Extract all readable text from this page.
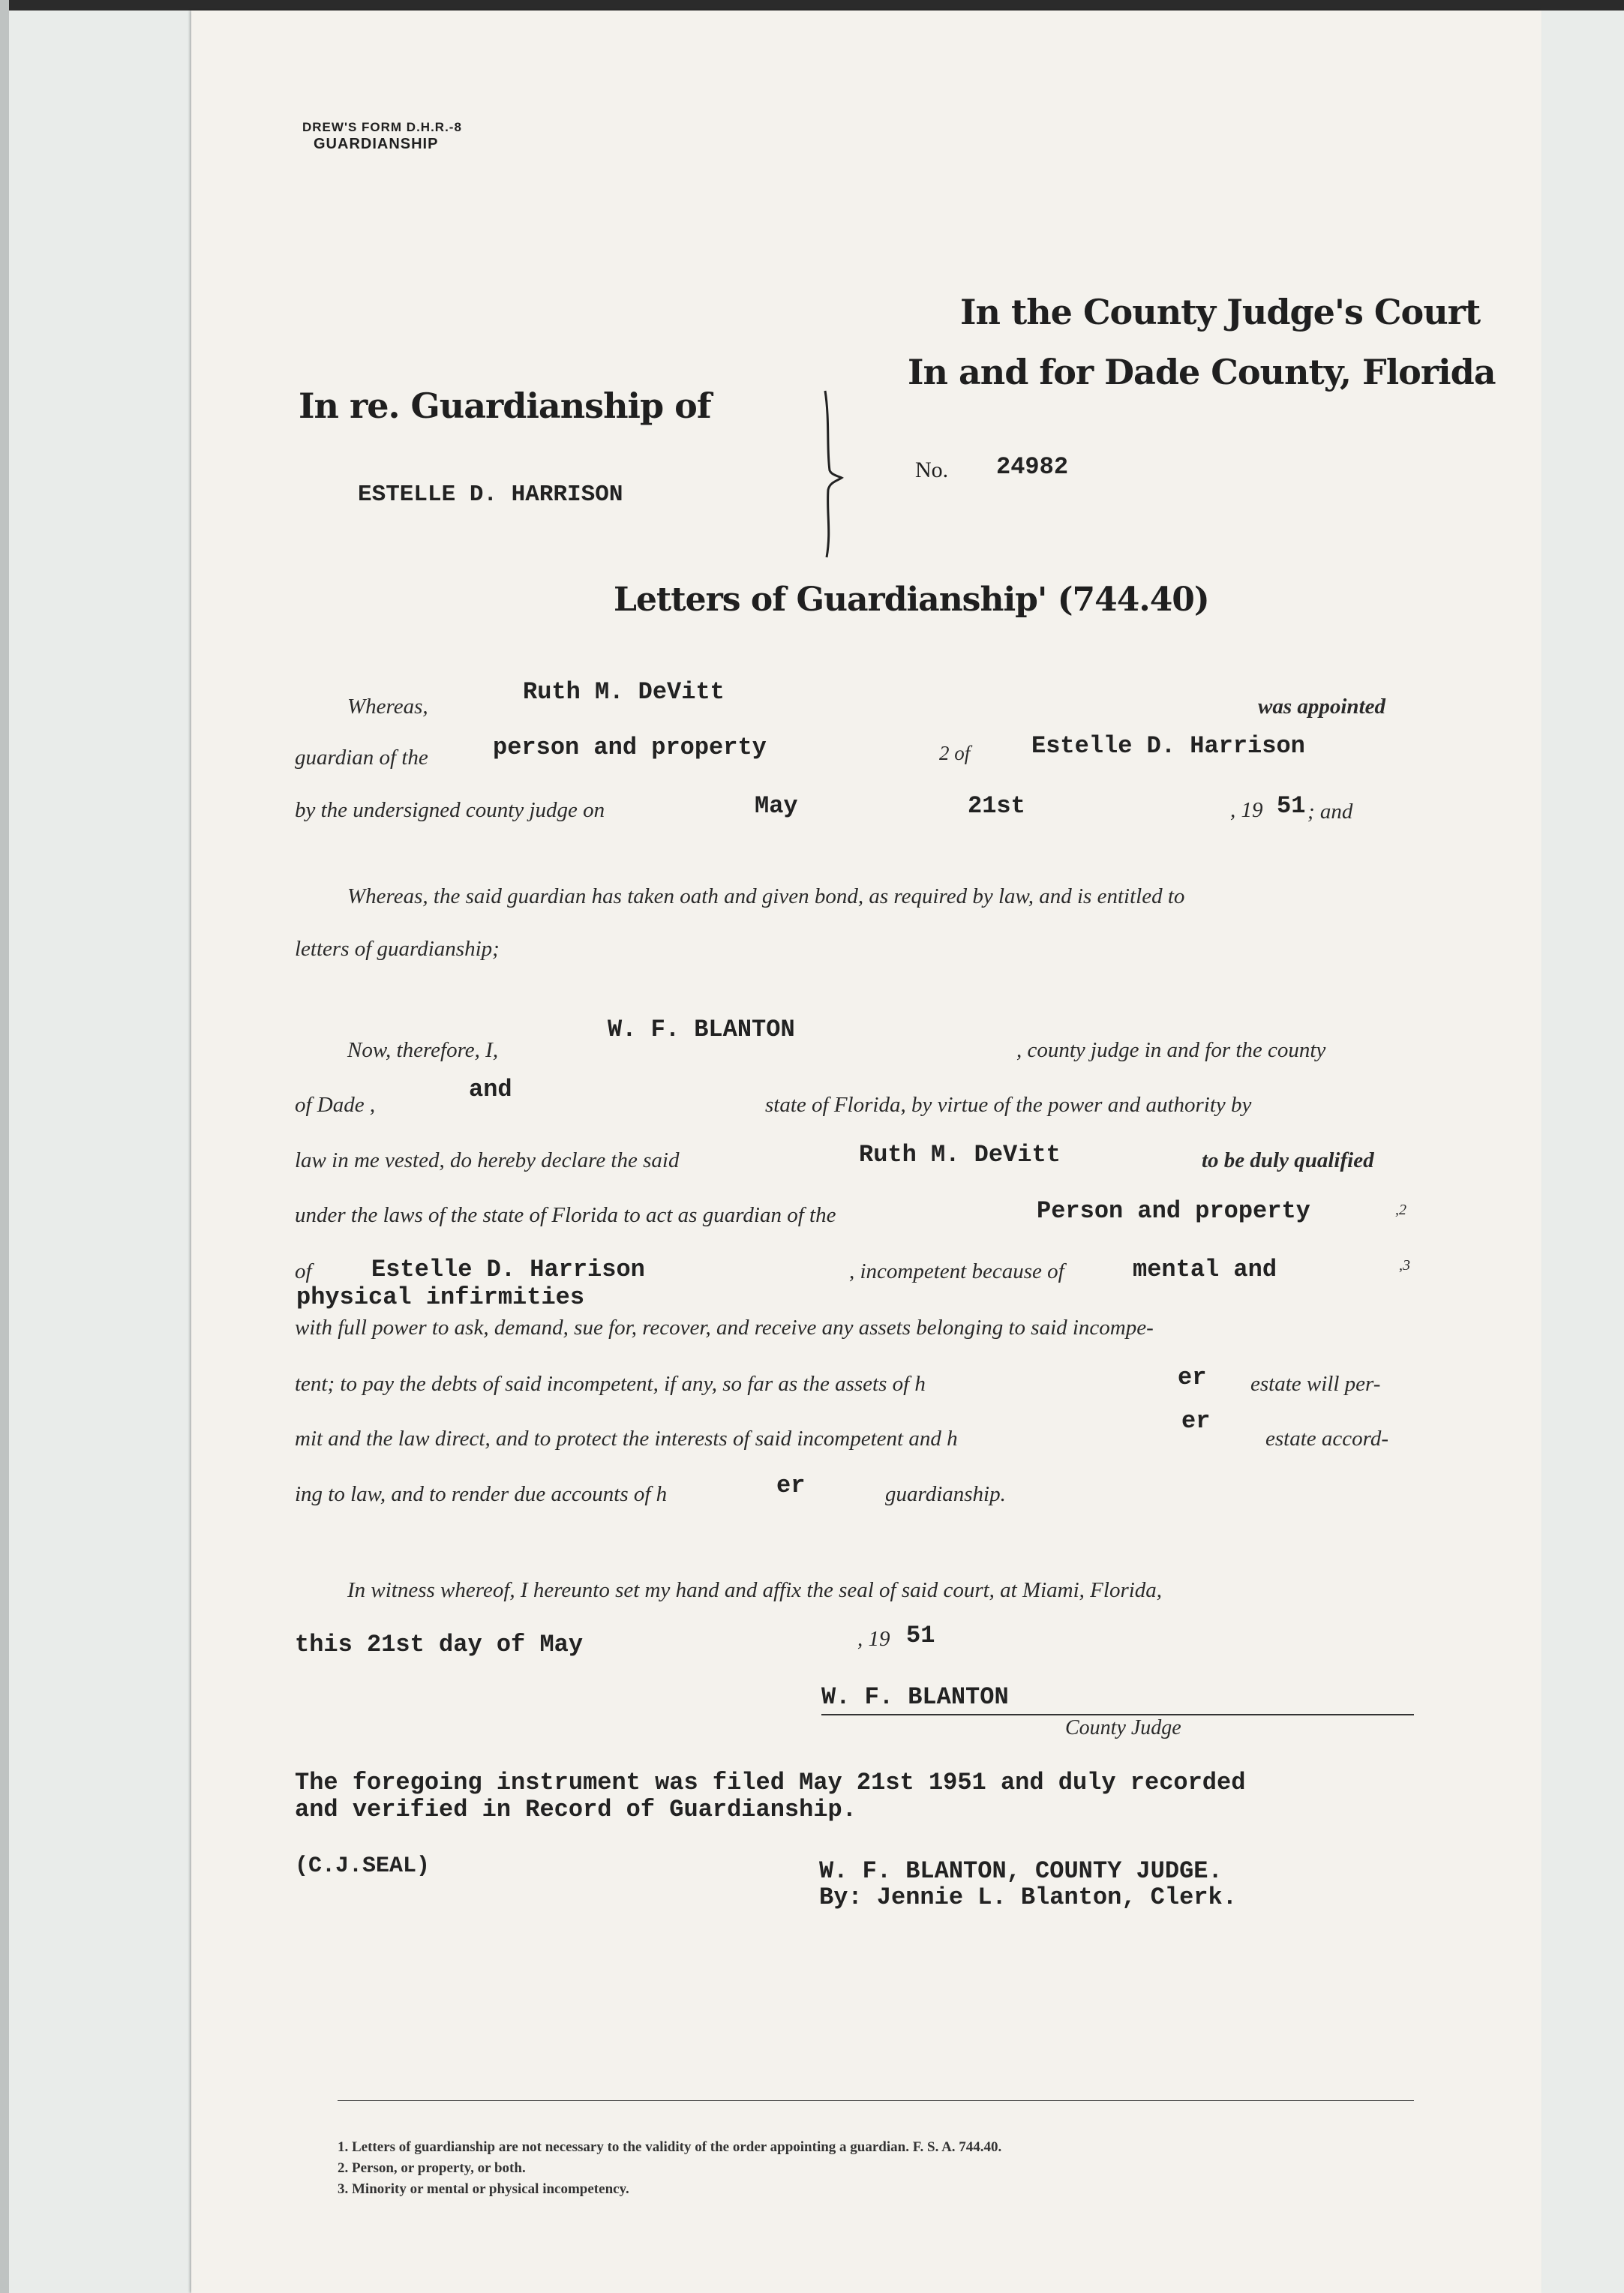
DREW'S FORM D.H.R.-8
GUARDIANSHIP
In the County Judge's Court
In and for Dade County, Florida
In re. Guardianship of
ESTELLE D. HARRISON
No. 24982
Letters of Guardianship' (744.40)
Whereas,
Ruth M. DeVitt
was appointed
guardian of the	person and property	2 of	Estelle D. Harrison
by the undersigned county judge on	May	21st	, 19 51 ; and
Whereas, the said guardian has taken oath and given bond, as required by law, and is entitled to
letters of guardianship;
Now, therefore, I,
W. F. BLANTON
, county judge in and for the county
of Dade ,
and
state of Florida, by virtue of the power and authority by
law in me vested, do hereby declare the said	Ruth M. DeVitt	to be duly qualified
under the laws of the state of Florida to act as guardian of the	Person and property	,2
of Estelle D. Harrison	, incompetent because of	mental and	,3
physical infirmities
with full power to ask, demand, sue for, recover, and receive any assets belonging to said incompe-
tent; to pay the debts of said incompetent, if any, so far as the assets of h	er estate will per-
mit and the law direct, and to protect the interests of said incompetent and h
er
estate accord-
ing to law, and to render due accounts of h	er	guardianship.
In witness whereof, I hereunto set my hand and affix the seal of said court, at Miami, Florida,
this 21st day of May	, 19 51
W. F. BLANTON
County Judge
The foregoing instrument was filed May 21st 1951 and duly recorded
and verified in Record of Guardianship.
(C.J.SEAL)	W. F. BLANTON, COUNTY JUDGE.
By: Jennie L. Blanton, Clerk.
1. Letters of guardianship are not necessary to the validity of the order appointing a guardian. F. S. A. 744.40.
2. Person, or property, or both.
3. Minority or mental or physical incompetency.
